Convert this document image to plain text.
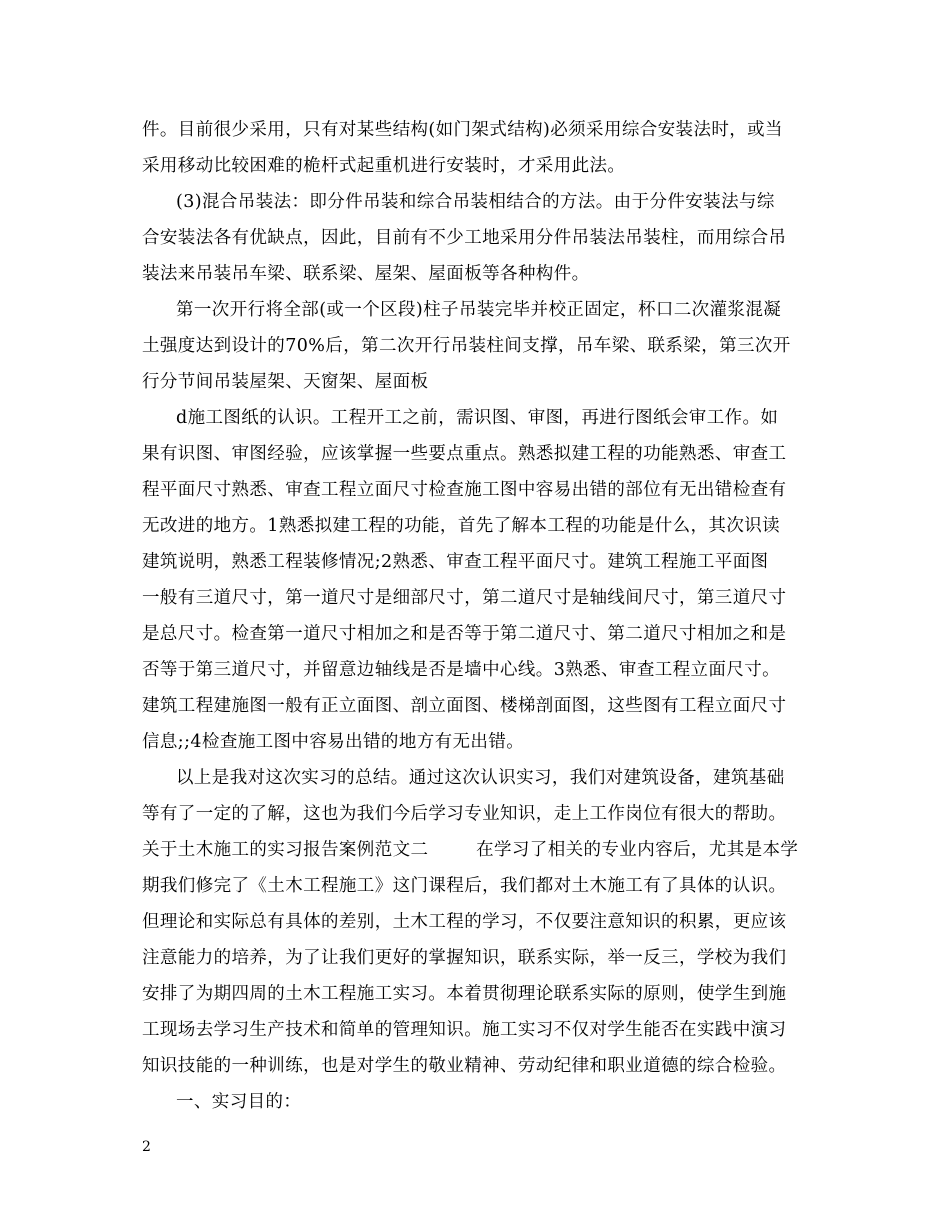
件。目前很少采用，只有对某些结构(如门架式结构)必须采用综合安装法时，或当
采用移动比较困难的桅杆式起重机进行安装时，才采用此法。
(3)混合吊装法：即分件吊装和综合吊装相结合的方法。由于分件安装法与综
合安装法各有优缺点，因此，目前有不少工地采用分件吊装法吊装柱，而用综合吊
装法来吊装吊车梁、联系梁、屋架、屋面板等各种构件。
第一次开行将全部(或一个区段)柱子吊装完毕并校正固定，杯口二次灌浆混凝
土强度达到设计的70%后，第二次开行吊装柱间支撑，吊车梁、联系梁，第三次开
行分节间吊装屋架、天窗架、屋面板
d施工图纸的认识。工程开工之前，需识图、审图，再进行图纸会审工作。如
果有识图、审图经验，应该掌握一些要点重点。熟悉拟建工程的功能熟悉、审查工
程平面尺寸熟悉、审查工程立面尺寸检查施工图中容易出错的部位有无出错检查有
无改进的地方。1熟悉拟建工程的功能，首先了解本工程的功能是什么，其次识读
建筑说明，熟悉工程装修情况;2熟悉、审查工程平面尺寸。建筑工程施工平面图
一般有三道尺寸，第一道尺寸是细部尺寸，第二道尺寸是轴线间尺寸，第三道尺寸
是总尺寸。检查第一道尺寸相加之和是否等于第二道尺寸、第二道尺寸相加之和是
否等于第三道尺寸，并留意边轴线是否是墙中心线。3熟悉、审查工程立面尺寸。
建筑工程建施图一般有正立面图、剖立面图、楼梯剖面图，这些图有工程立面尺寸
信息;;4检查施工图中容易出错的地方有无出错。
以上是我对这次实习的总结。通过这次认识实习，我们对建筑设备，建筑基础
等有了一定的了解，这也为我们今后学习专业知识，走上工作岗位有很大的帮助。
关于土木施工的实习报告案例范文二        在学习了相关的专业内容后，尤其是本学
期我们修完了《土木工程施工》这门课程后，我们都对土木施工有了具体的认识。
但理论和实际总有具体的差别，土木工程的学习，不仅要注意知识的积累，更应该
注意能力的培养，为了让我们更好的掌握知识，联系实际，举一反三，学校为我们
安排了为期四周的土木工程施工实习。本着贯彻理论联系实际的原则，使学生到施
工现场去学习生产技术和简单的管理知识。施工实习不仅对学生能否在实践中演习
知识技能的一种训练，也是对学生的敬业精神、劳动纪律和职业道德的综合检验。
一、实习目的：
2
